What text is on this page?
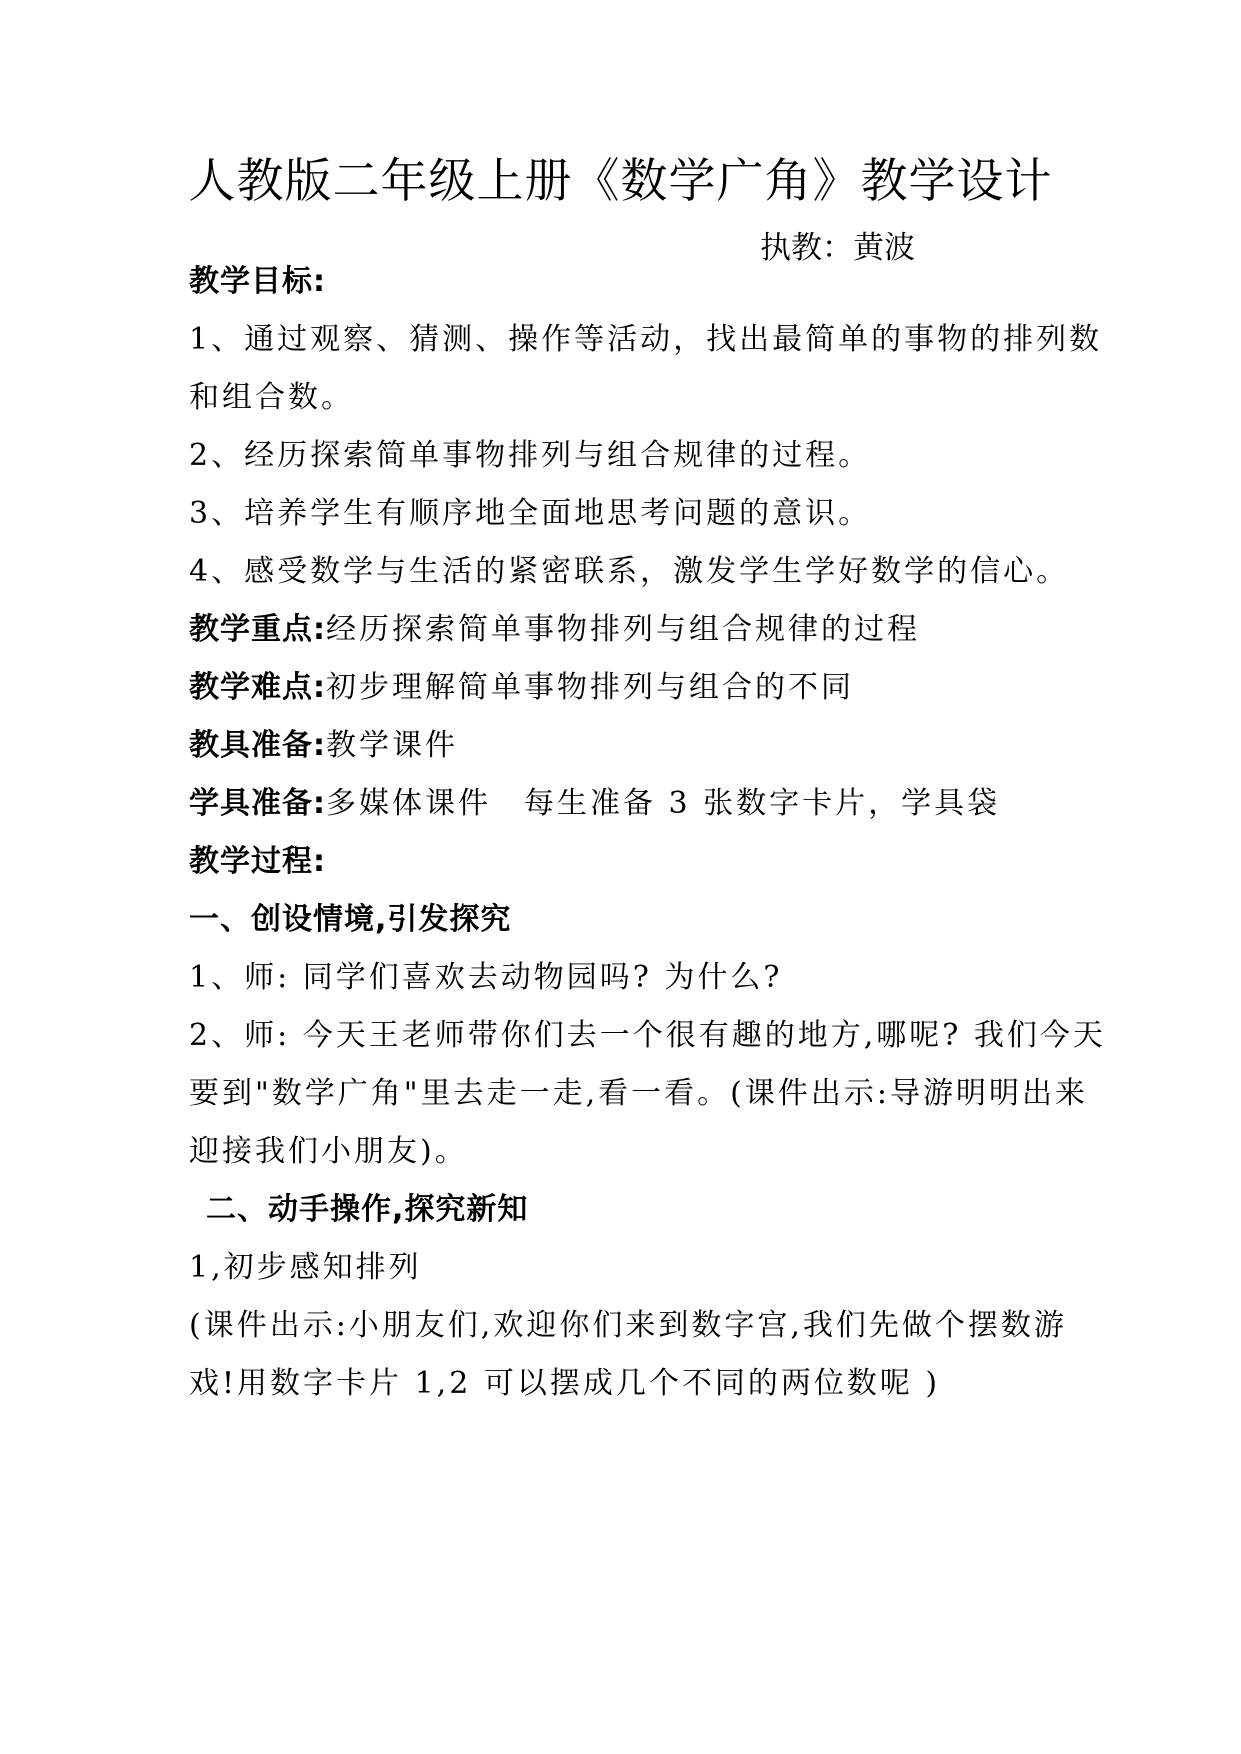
人教版二年级上册《数学广角》教学设计
执教：黄波
教学目标:
1、通过观察、猜测、操作等活动，找出最简单的事物的排列数
和组合数。
2、经历探索简单事物排列与组合规律的过程。
3、培养学生有顺序地全面地思考问题的意识。
4、感受数学与生活的紧密联系，激发学生学好数学的信心。
教学重点:经历探索简单事物排列与组合规律的过程
教学难点:初步理解简单事物排列与组合的不同
教具准备:教学课件
学具准备:多媒体课件　每生准备 3 张数字卡片，学具袋
教学过程:
一、创设情境,引发探究
1、师: 同学们喜欢去动物园吗? 为什么?
2、师: 今天王老师带你们去一个很有趣的地方,哪呢? 我们今天
要到"数学广角"里去走一走,看一看。(课件出示:导游明明出来
迎接我们小朋友)。
二、动手操作,探究新知
1,初步感知排列
(课件出示:小朋友们,欢迎你们来到数字宫,我们先做个摆数游
戏!用数字卡片 1,2 可以摆成几个不同的两位数呢 )
